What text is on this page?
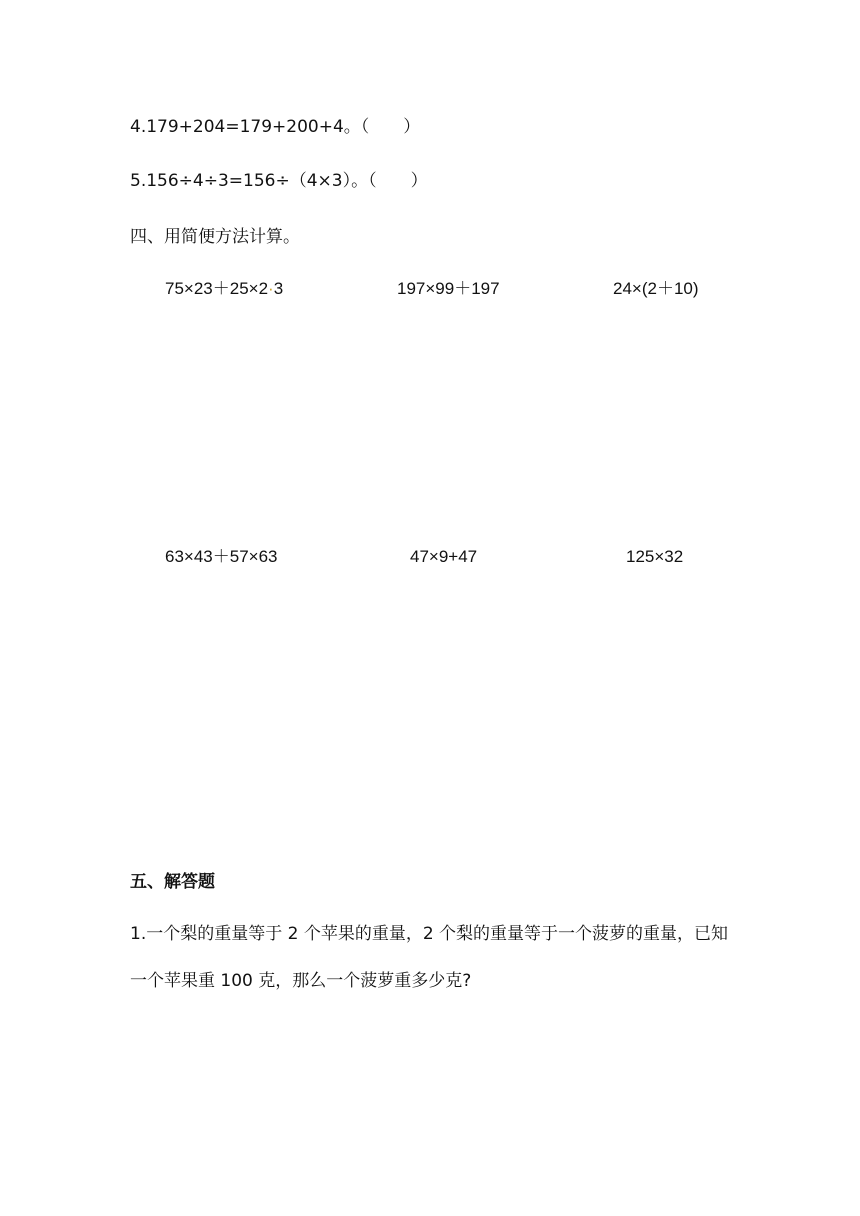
4.179+204=179+200+4。（　　）
5.156÷4÷3=156÷（4×3）。（　　）
四、用简便方法计算。
75×23＋25×2·3	197×99＋197	24×(2＋10)
63×43＋57×63	47×9+47	125×32
五、解答题
1.一个梨的重量等于 2 个苹果的重量，2 个梨的重量等于一个菠萝的重量，已知
一个苹果重 100 克，那么一个菠萝重多少克?
